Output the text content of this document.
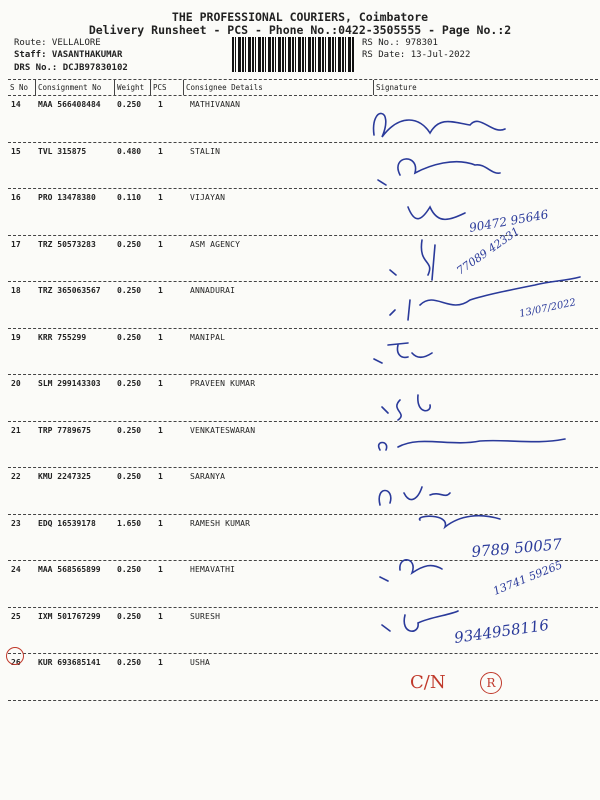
THE PROFESSIONAL COURIERS, Coimbatore
Delivery Runsheet - PCS - Phone No.:0422-3505555 - Page No.:2
Route: VELLALORE
Staff: VASANTHAKUMAR
DRS No.: DCJB97830102
RS No.: 978301
RS Date: 13-Jul-2022
S No Consignment No Weight PCS	Consignee Details	Signature
14 MAA 566408484 0.250 1	MATHIVANAN
15 TVL 315875	0.480 1	STALIN
16 PRO 13478380	0.110 1	VIJAYAN
17 TRZ 50573283	0.250 1	ASM AGENCY
18 TRZ 365063567 0.250 1	ANNADURAI
19 KRR 755299	0.250 1	MANIPAL
20 SLM 299143303 0.250 1	PRAVEEN KUMAR
21 TRP 7789675	0.250 1	VENKATESWARAN
22 KMU 2247325	0.250 1	SARANYA
23 EDQ 16539178	1.650 1	RAMESH KUMAR
24 MAA 568565899 0.250 1	HEMAVATHI
25 IXM 501767299 0.250 1	SURESH
26 KUR 693685141 0.250 1	USHA
90472 95646
77089 42331
13/07/2022
9789 50057
13741 59265
9344958116
C/N	R
